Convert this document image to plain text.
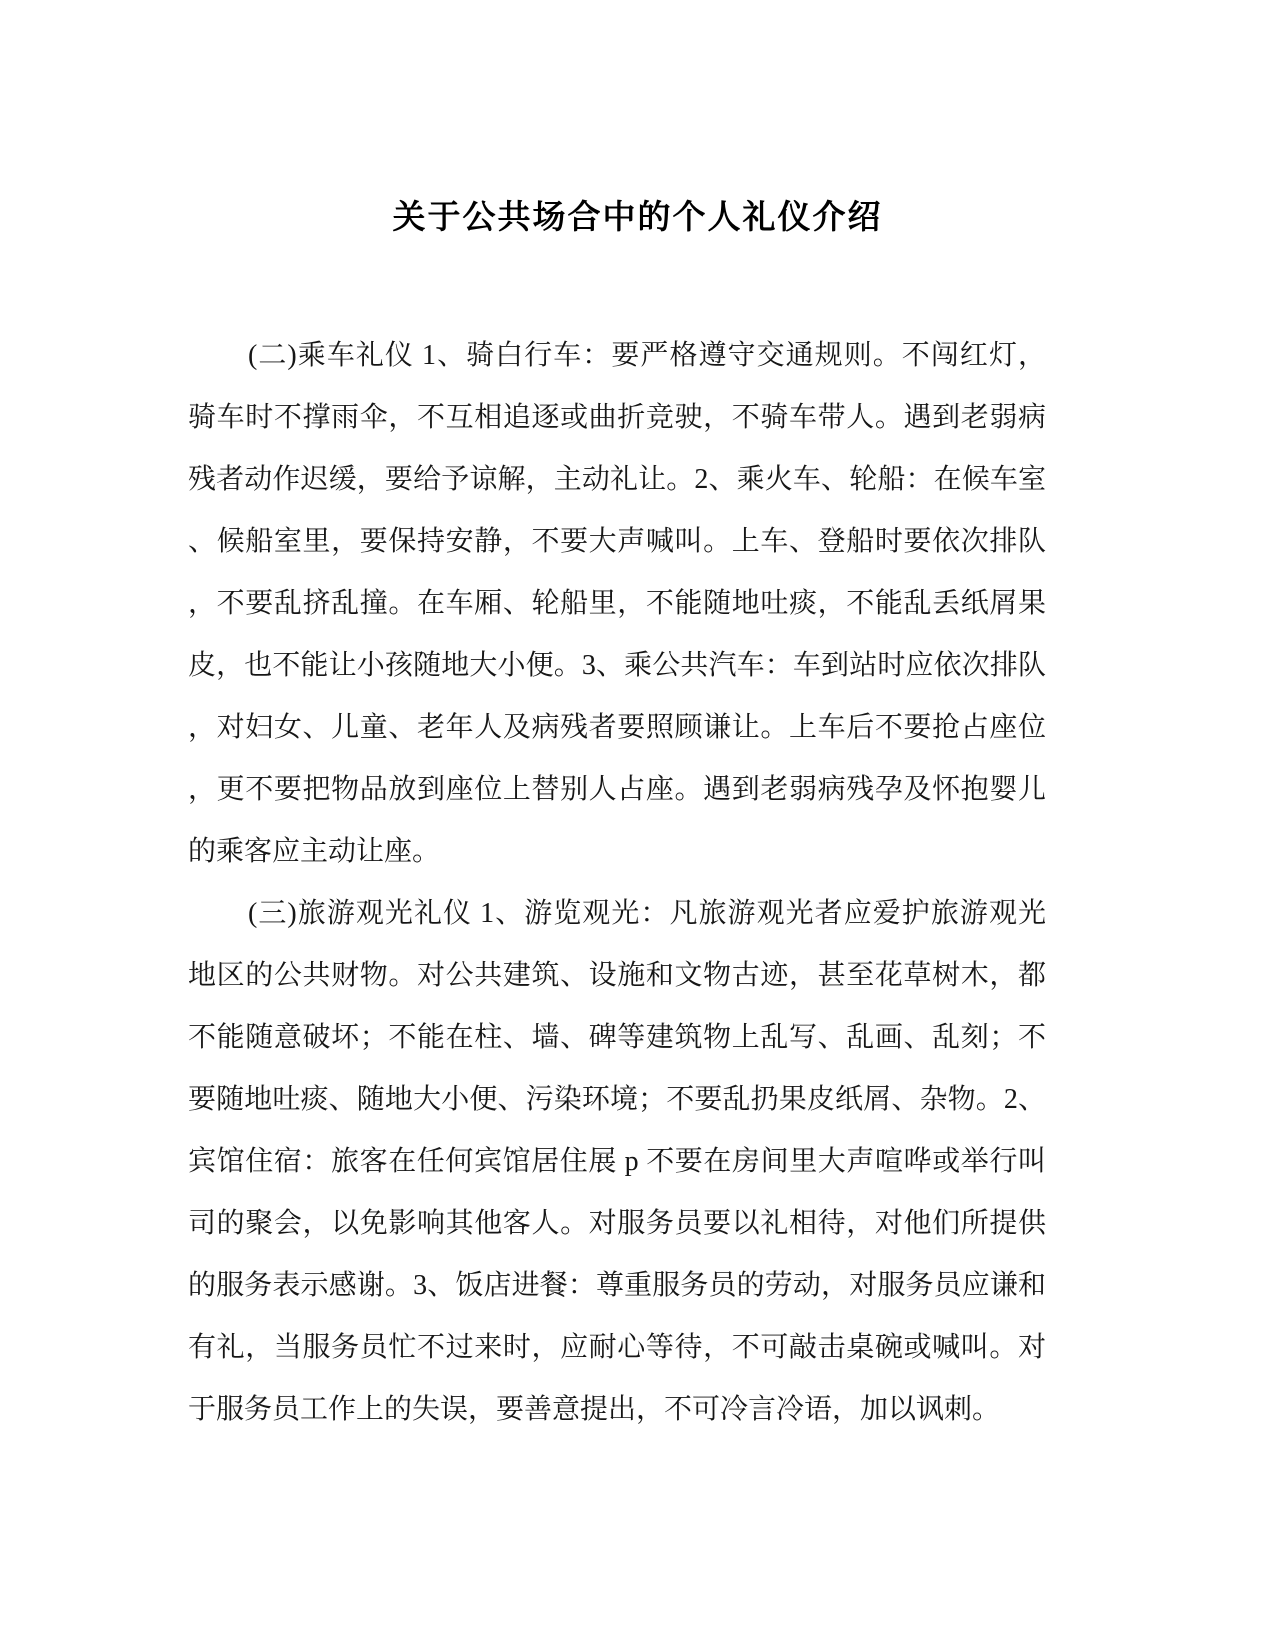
关于公共场合中的个人礼仪介绍
(二)乘车礼仪 1、骑白行车：要严格遵守交通规则。不闯红灯，
骑车时不撑雨伞，不互相追逐或曲折竞驶，不骑车带人。遇到老弱病
残者动作迟缓，要给予谅解，主动礼让。2、乘火车、轮船：在候车室
、候船室里，要保持安静，不要大声喊叫。上车、登船时要依次排队
，不要乱挤乱撞。在车厢、轮船里，不能随地吐痰，不能乱丢纸屑果
皮，也不能让小孩随地大小便。3、乘公共汽车：车到站时应依次排队
，对妇女、儿童、老年人及病残者要照顾谦让。上车后不要抢占座位
，更不要把物品放到座位上替别人占座。遇到老弱病残孕及怀抱婴儿
的乘客应主动让座。
(三)旅游观光礼仪 1、游览观光：凡旅游观光者应爱护旅游观光
地区的公共财物。对公共建筑、设施和文物古迹，甚至花草树木，都
不能随意破坏；不能在柱、墙、碑等建筑物上乱写、乱画、乱刻；不
要随地吐痰、随地大小便、污染环境；不要乱扔果皮纸屑、杂物。2、
宾馆住宿：旅客在任何宾馆居住展 p 不要在房间里大声喧哗或举行叫
司的聚会，以免影响其他客人。对服务员要以礼相待，对他们所提供
的服务表示感谢。3、饭店进餐：尊重服务员的劳动，对服务员应谦和
有礼，当服务员忙不过来时，应耐心等待，不可敲击桌碗或喊叫。对
于服务员工作上的失误，要善意提出，不可冷言冷语，加以讽刺。
